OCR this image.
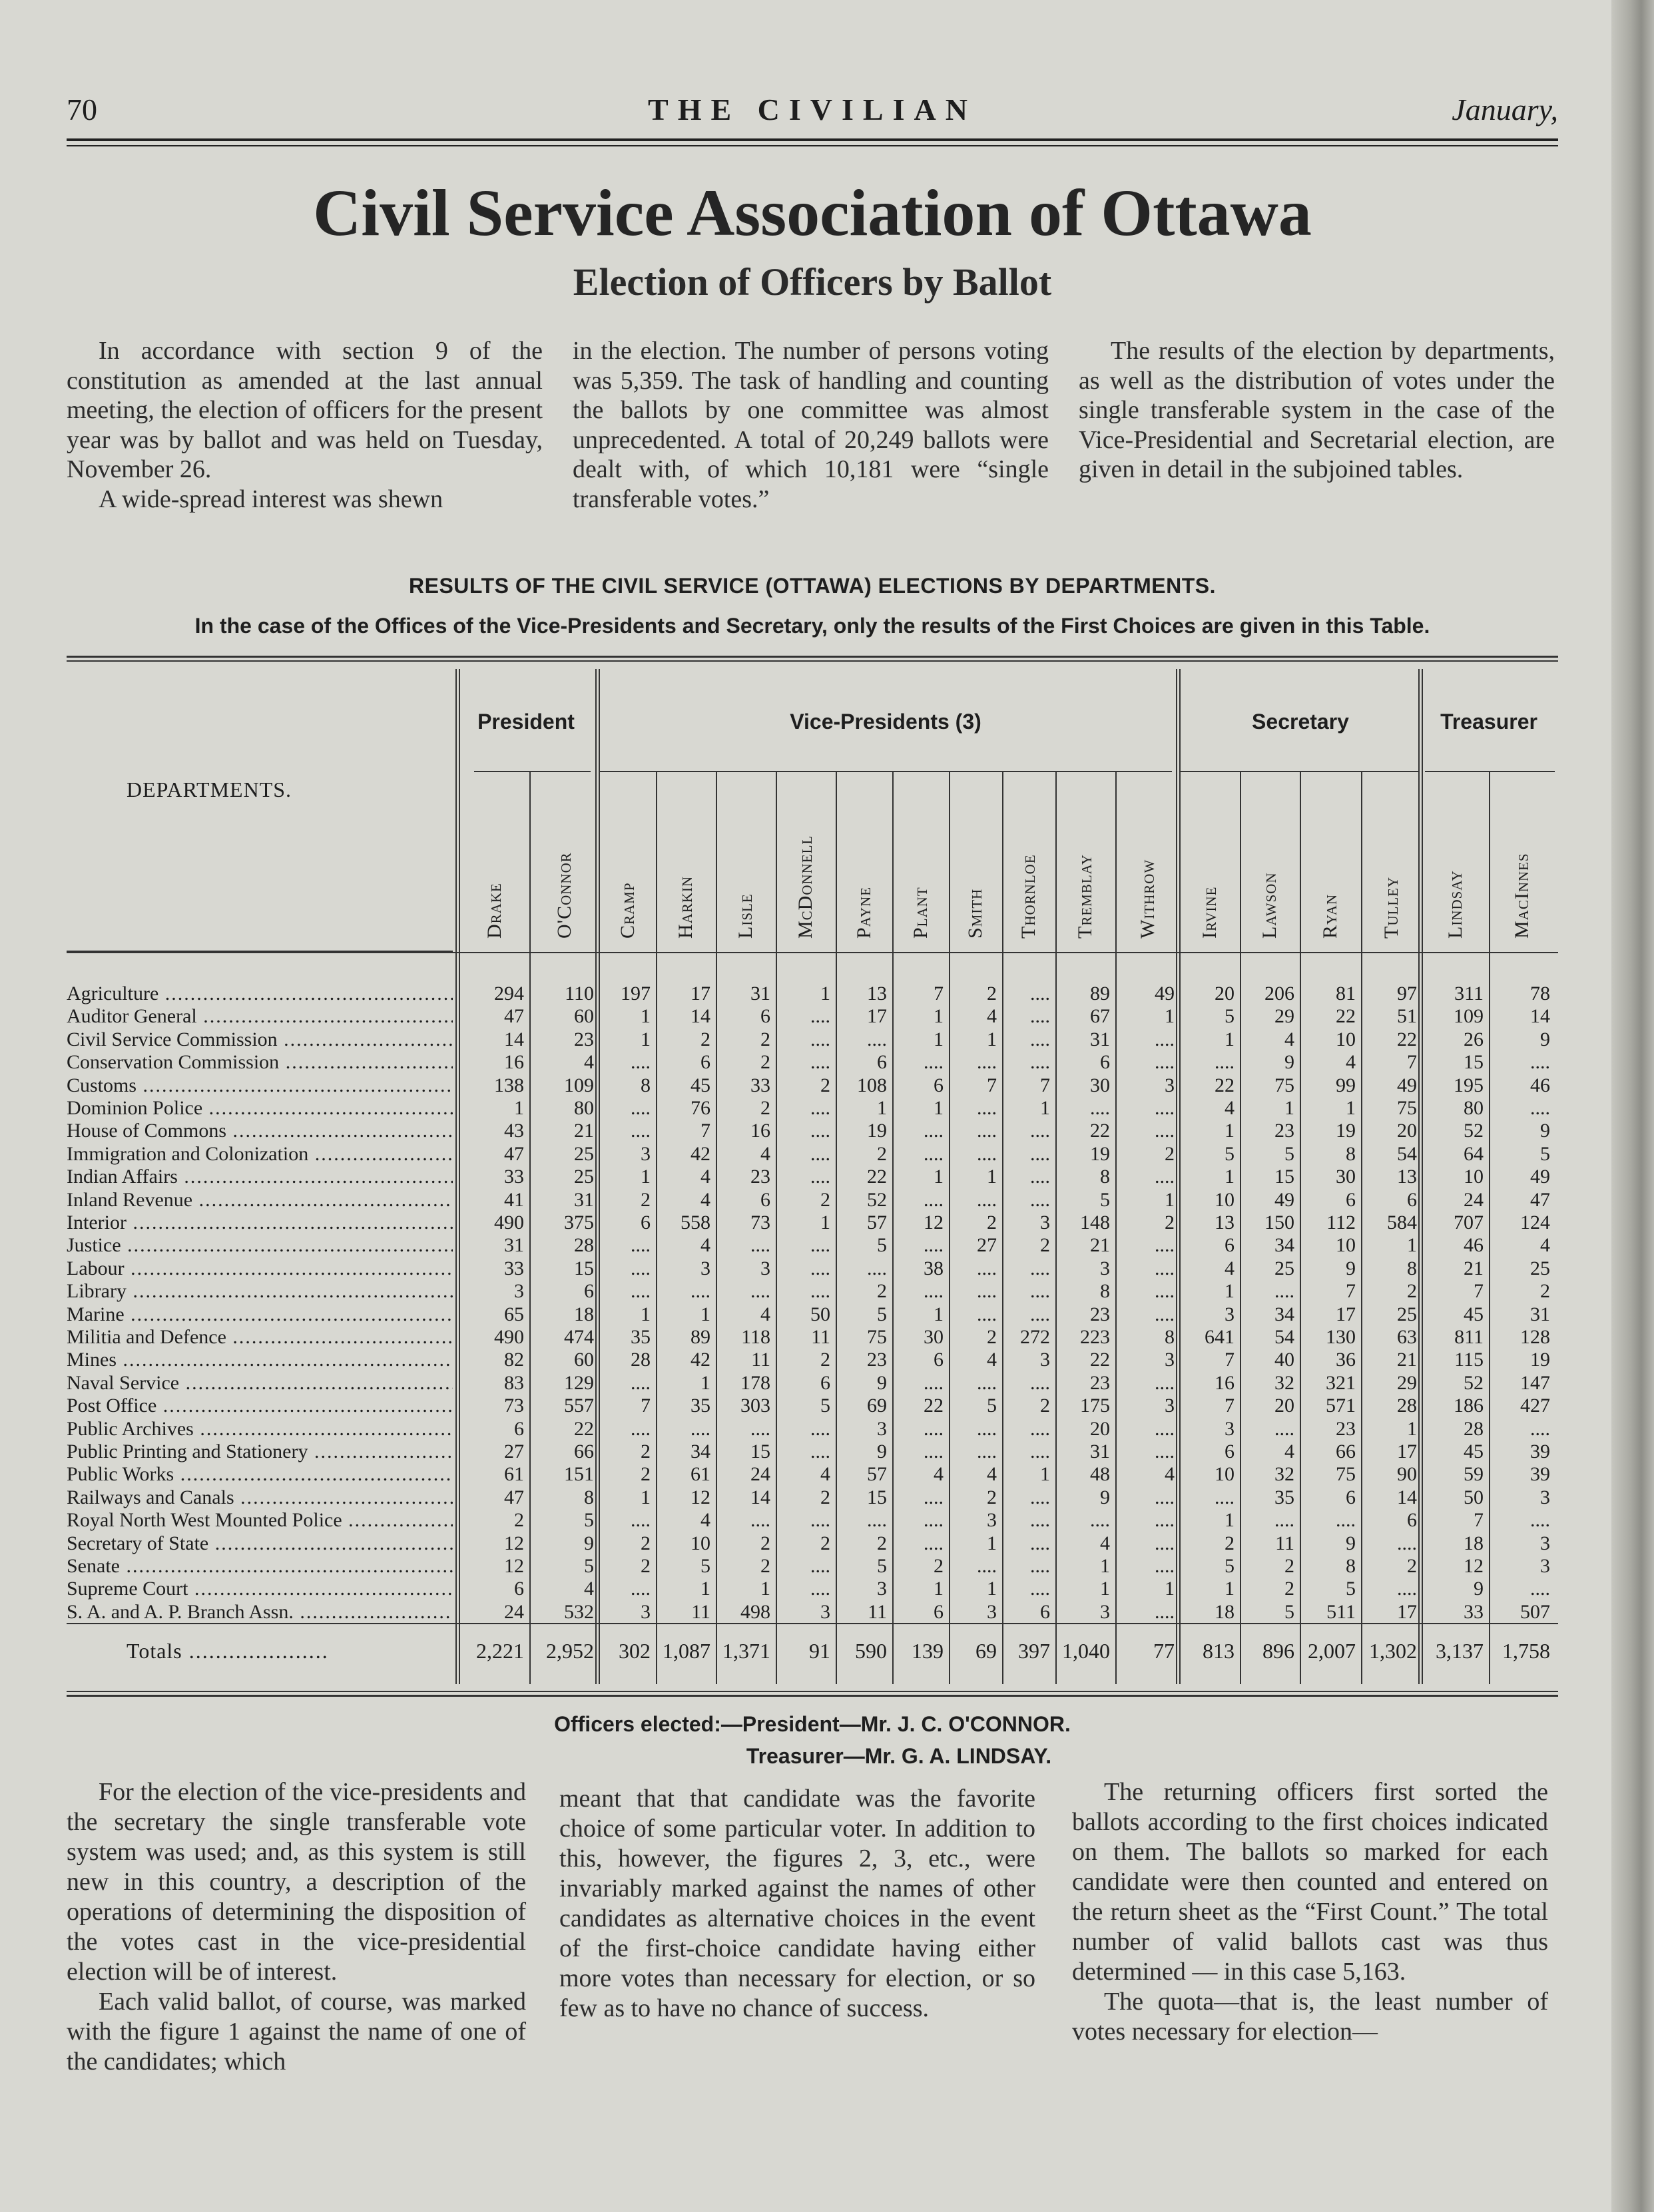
70	THE CIVILIAN	January,
Civil Service Association of Ottawa
Election of Officers by Ballot

In accordance with section 9 of the constitution as amended at the last annual meeting, the election of officers for the present year was by ballot and was held on Tuesday, November 26.

A wide-spread interest was shewn

in the election. The number of persons voting was 5,359. The task of handling and counting the ballots by one committee was almost unprecedented. A total of 20,249 ballots were dealt with, of which 10,181 were “single transferable votes.”

The results of the election by departments, as well as the distribution of votes under the single transferable system in the case of the Vice-Presidential and Secretarial election, are given in detail in the subjoined tables.

RESULTS OF THE CIVIL SERVICE (OTTAWA) ELECTIONS BY DEPARTMENTS.
In the case of the Offices of the Vice-Presidents and Secretary, only the results of the First Choices are given in this Table.
DEPARTMENTS.
President	Vice-Presidents (3)	Secretary	Treasurer
Drake O'Connor Cramp Harkin Lisle McDonnell Payne Plant Smith Thornloe Tremblay Withrow Irvine Lawson Ryan Tulley Lindsay MacInnes
Agriculture .....	294	110	197	17	31	1	13	7	2	....	89	49	20	206	81	97	311	78
Auditor General .....	47	60	1	14	6	....	17	1	4	....	67	1	5	29	22	51	109	14
Civil Service Commission .....	14	23	1	2	2	....	....	1	1	....	31	....	1	4	10	22	26	9
Conservation Commission .....	16	4	....	6	2	....	6	....	....	....	6	....	....	9	4	7	15	....
Customs .....	138	109	8	45	33	2	108	6	7	7	30	3	22	75	99	49	195	46
Dominion Police .....	1	80	....	76	2	....	1	1	....	1	....	....	4	1	1	75	80	....
House of Commons .....	43	21	....	7	16	....	19	....	....	....	22	....	1	23	19	20	52	9
Immigration and Colonization .....	47	25	3	42	4	....	2	....	....	....	19	2	5	5	8	54	64	5
Indian Affairs .....	33	25	1	4	23	....	22	1	1	....	8	....	1	15	30	13	10	49
Inland Revenue .....	41	31	2	4	6	2	52	....	....	....	5	1	10	49	6	6	24	47
Interior .....	490	375	6	558	73	1	57	12	2	3	148	2	13	150	112	584	707	124
Justice .....	31	28	....	4	....	....	5	....	27	2	21	....	6	34	10	1	46	4
Labour .....	33	15	....	3	3	....	....	38	....	....	3	....	4	25	9	8	21	25
Library .....	3	6	....	....	....	....	2	....	....	....	8	....	1	....	7	2	7	2
Marine .....	65	18	1	1	4	50	5	1	....	....	23	....	3	34	17	25	45	31
Militia and Defence .....	490	474	35	89	118	11	75	30	2	272	223	8	641	54	130	63	811	128
Mines .....	82	60	28	42	11	2	23	6	4	3	22	3	7	40	36	21	115	19
Naval Service .....	83	129	....	1	178	6	9	....	....	....	23	....	16	32	321	29	52	147
Post Office .....	73	557	7	35	303	5	69	22	5	2	175	3	7	20	571	28	186	427
Public Archives .....	6	22	....	....	....	....	3	....	....	....	20	....	3	....	23	1	28	....
Public Printing and Stationery .....	27	66	2	34	15	....	9	....	....	....	31	....	6	4	66	17	45	39
Public Works .....	61	151	2	61	24	4	57	4	4	1	48	4	10	32	75	90	59	39
Railways and Canals .....	47	8	1	12	14	2	15	....	2	....	9	....	....	35	6	14	50	3
Royal North West Mounted Police .....	2	5	....	4	....	....	....	....	3	....	....	....	1	....	....	6	7	....
Secretary of State .....	12	9	2	10	2	2	2	....	1	....	4	....	2	11	9	....	18	3
Senate .....	12	5	2	5	2	....	5	2	....	....	1	....	5	2	8	2	12	3
Supreme Court .....	6	4	....	1	1	....	3	1	1	....	1	1	1	2	5	....	9	....
S. A. and A. P. Branch Assn. .....	24	532	3	11	498	3	11	6	3	6	3	....	18	5	511	17	33	507
Totals .....	2,221	2,952	302 1,087 1,371	91	590	139	69	397 1,040	77	813	896 2,007 1,302 3,137 1,758
Officers elected:—President—Mr. J. C. O'CONNOR.
Treasurer—Mr. G. A. LINDSAY.

For the election of the vice-presidents and the secretary the single transferable vote system was used; and, as this system is still new in this country, a description of the operations of determining the disposition of the votes cast in the vice-presidential election will be of interest.

Each valid ballot, of course, was marked with the figure 1 against the name of one of the candidates; which

meant that that candidate was the favorite choice of some particular voter. In addition to this, however, the figures 2, 3, etc., were invariably marked against the names of other candidates as alternative choices in the event of the first-choice candidate having either more votes than necessary for election, or so few as to have no chance of success.

The returning officers first sorted the ballots according to the first choices indicated on them. The ballots so marked for each candidate were then counted and entered on the return sheet as the “First Count.” The total number of valid ballots cast was thus determined — in this case 5,163.

The quota—that is, the least number of votes necessary for election—
